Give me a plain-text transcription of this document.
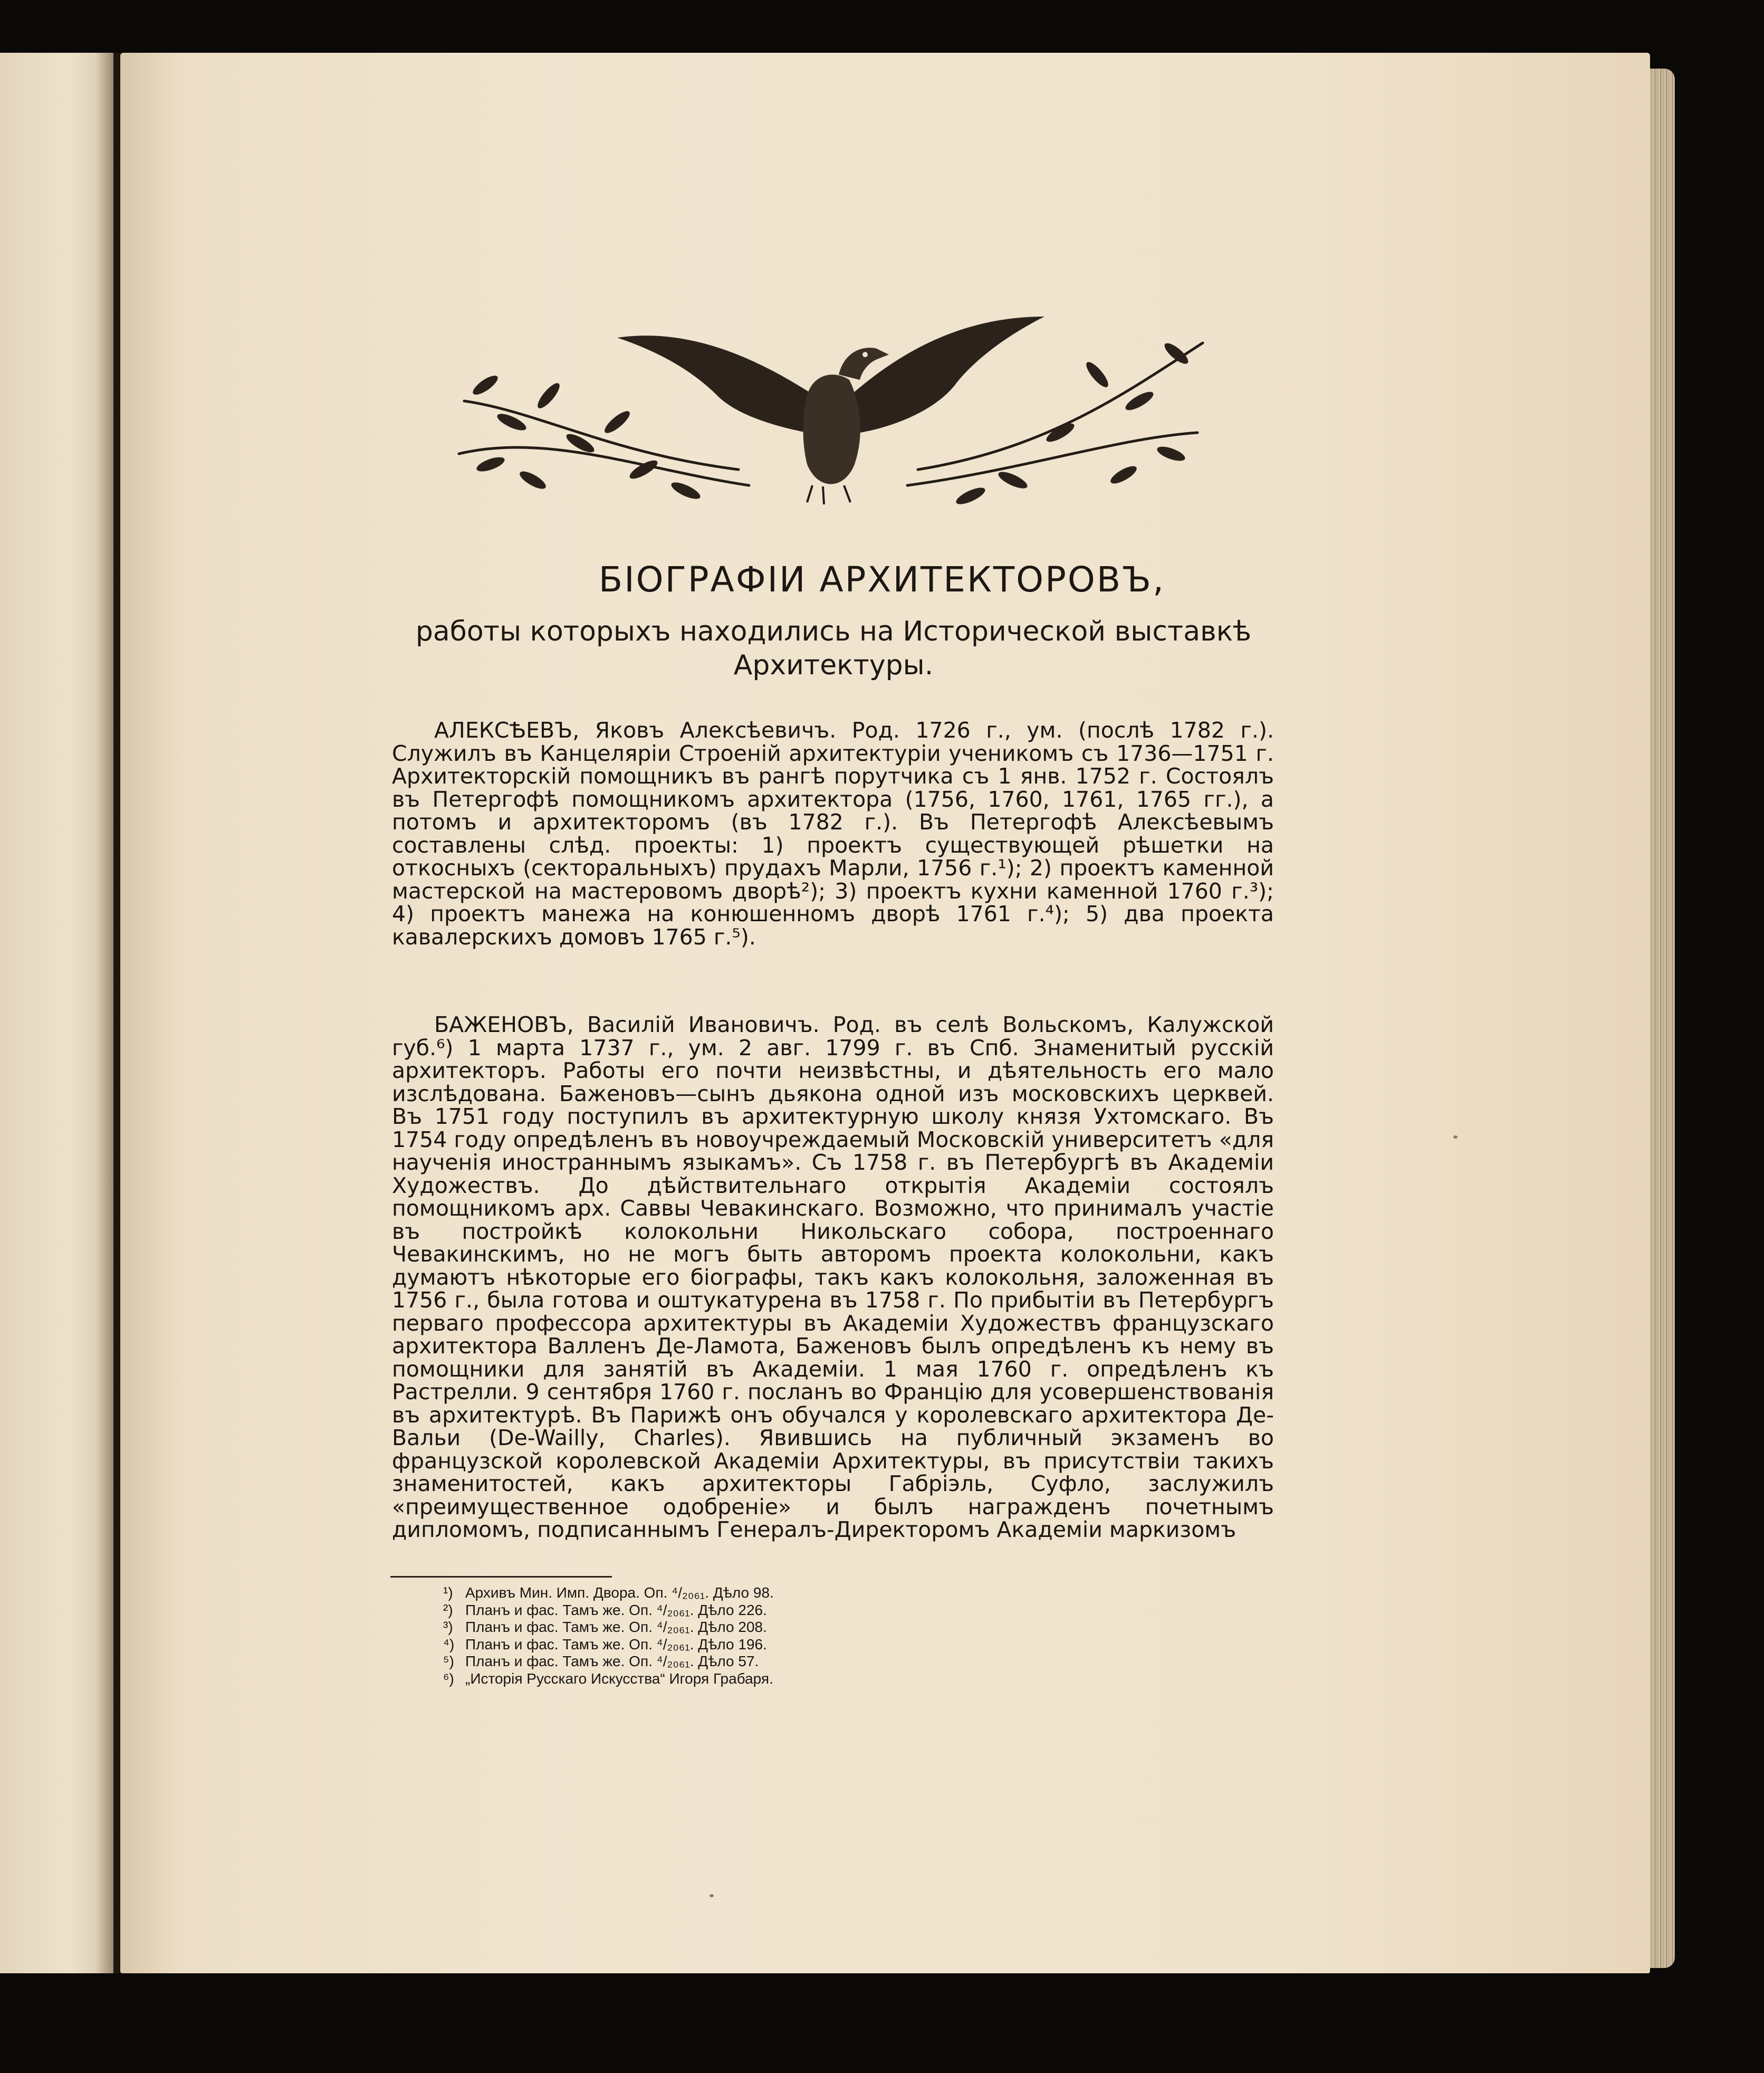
БІОГРАФІИ АРХИТЕКТОРОВЪ,
работы которыхъ находились на Исторической выставкѣ Архитектуры.
АЛЕКСѢЕВЪ, Яковъ Алексѣевичъ. Род. 1726 г., ум. (послѣ 1782 г.). Служилъ въ Канцеляріи Строеній архитектуріи ученикомъ съ 1736—1751 г. Архитекторскій помощникъ въ рангѣ порутчика съ 1 янв. 1752 г. Состоялъ въ Петергофѣ помощникомъ архитектора (1756, 1760, 1761, 1765 гг.), а потомъ и архитекторомъ (въ 1782 г.). Въ Петергофѣ Алексѣевымъ составлены слѣд. проекты: 1) проектъ существующей рѣшетки на откосныхъ (секторальныхъ) прудахъ Марли, 1756 г.¹); 2) проектъ каменной мастерской на мастеровомъ дворѣ²); 3) проектъ кухни каменной 1760 г.³); 4) проектъ манежа на конюшенномъ дворѣ 1761 г.⁴); 5) два проекта кавалерскихъ домовъ 1765 г.⁵).
БАЖЕНОВЪ, Василій Ивановичъ. Род. въ селѣ Вольскомъ, Калужской губ.⁶) 1 марта 1737 г., ум. 2 авг. 1799 г. въ Спб. Знаменитый русскій архитекторъ. Работы его почти неизвѣстны, и дѣятельность его мало изслѣдована. Баженовъ—сынъ дьякона одной изъ московскихъ церквей. Въ 1751 году поступилъ въ архитектурную школу князя Ухтомскаго. Въ 1754 году опредѣленъ въ новоучреждаемый Московскій университетъ «для наученія иностраннымъ языкамъ». Съ 1758 г. въ Петербургѣ въ Академіи Художествъ. До дѣйствительнаго открытія Академіи состоялъ помощникомъ арх. Саввы Чевакинскаго. Возможно, что принималъ участіе въ постройкѣ колокольни Никольскаго собора, построеннаго Чевакинскимъ, но не могъ быть авторомъ проекта колокольни, какъ думаютъ нѣкоторые его біографы, такъ какъ колокольня, заложенная въ 1756 г., была готова и оштукатурена въ 1758 г. По прибытіи въ Петербургъ перваго профессора архитектуры въ Академіи Художествъ французскаго архитектора Валленъ Де-Ламота, Баженовъ былъ опредѣленъ къ нему въ помощники для занятій въ Академіи. 1 мая 1760 г. опредѣленъ къ Растрелли. 9 сентября 1760 г. посланъ во Францію для усовершенствованія въ архитектурѣ. Въ Парижѣ онъ обучался у королевскаго архитектора Де-Вальи (De-Wailly, Charles). Явившись на публичный экзаменъ во французской королевской Академіи Архитектуры, въ присутствіи такихъ знаменитостей, какъ архитекторы Габріэль, Суфло, заслужилъ «преимущественное одобреніе» и былъ награжденъ почетнымъ дипломомъ, подписаннымъ Генералъ-Директоромъ Академіи маркизомъ
¹) Архивъ Мин. Имп. Двора. Оп. ⁴/₂₀₆₁. Дѣло 98.
²) Планъ и фас. Тамъ же. Оп. ⁴/₂₀₆₁. Дѣло 226.
³) Планъ и фас. Тамъ же. Оп. ⁴/₂₀₆₁. Дѣло 208.
⁴) Планъ и фас. Тамъ же. Оп. ⁴/₂₀₆₁. Дѣло 196.
⁵) Планъ и фас. Тамъ же. Оп. ⁴/₂₀₆₁. Дѣло 57.
⁶) „Исторія Русскаго Искусства“ Игоря Грабаря.
